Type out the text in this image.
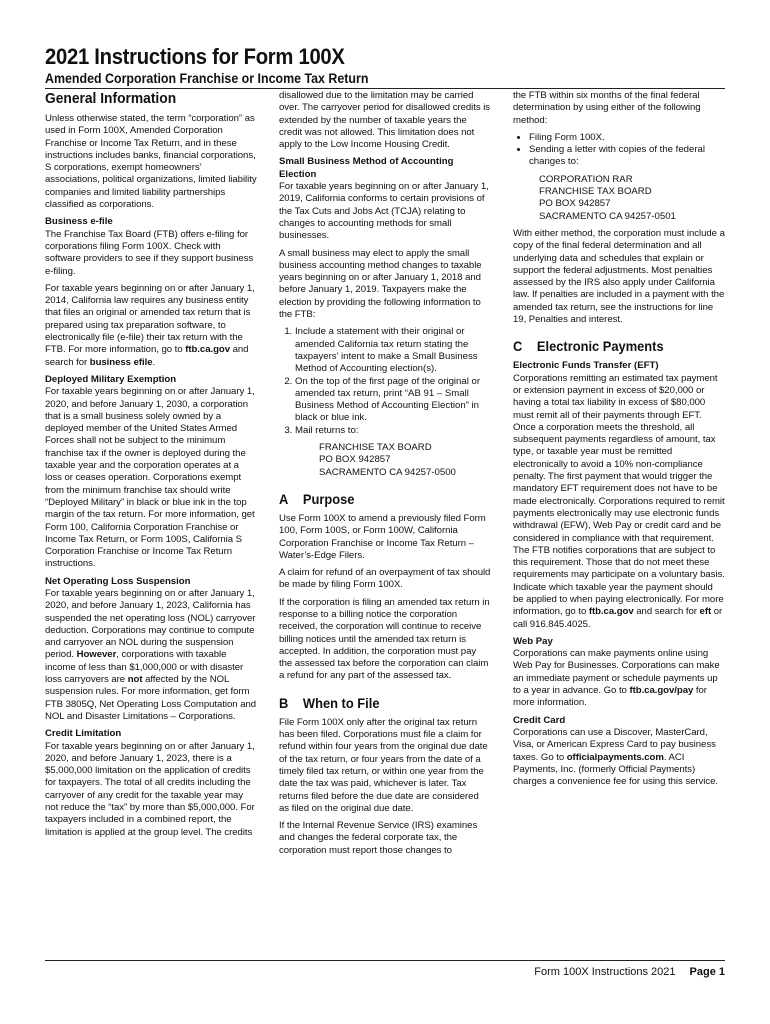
2021 Instructions for Form 100X
Amended Corporation Franchise or Income Tax Return
General Information

Unless otherwise stated, the term “corporation” as used in Form 100X, Amended Corporation Franchise or Income Tax Return, and in these instructions includes banks, financial corporations, S corporations, exempt homeowners’ associations, political organizations, limited liability companies and limited liability partnerships classified as corporations.

Business e-file

The Franchise Tax Board (FTB) offers e-filing for corporations filing Form 100X. Check with software providers to see if they support business e-filing.

For taxable years beginning on or after January 1, 2014, California law requires any business entity that files an original or amended tax return that is prepared using tax preparation software, to electronically file (e-file) their tax return with the FTB. For more information, go to ftb.ca.gov and search for business efile.

Deployed Military Exemption

For taxable years beginning on or after January 1, 2020, and before January 1, 2030, a corporation that is a small business solely owned by a deployed member of the United States Armed Forces shall not be subject to the minimum franchise tax if the owner is deployed during the taxable year and the corporation operates at a loss or ceases operation. Corporations exempt from the minimum franchise tax should write “Deployed Military” in black or blue ink in the top margin of the tax return. For more information, get Form 100, California Corporation Franchise or Income Tax Return, or Form 100S, California S Corporation Franchise or Income Tax Return instructions.

Net Operating Loss Suspension

For taxable years beginning on or after January 1, 2020, and before January 1, 2023, California has suspended the net operating loss (NOL) carryover deduction. Corporations may continue to compute and carryover an NOL during the suspension period. However, corporations with taxable income of less than $1,000,000 or with disaster loss carryovers are not affected by the NOL suspension rules. For more information, get form FTB 3805Q, Net Operating Loss Computation and NOL and Disaster Limitations – Corporations.

Credit Limitation

For taxable years beginning on or after January 1, 2020, and before January 1, 2023, there is a $5,000,000 limitation on the application of credits for taxpayers. The total of all credits including the carryover of any credit for the taxable year may not reduce the “tax” by more than $5,000,000. For taxpayers included in a combined report, the limitation is applied at the group level. The credits

disallowed due to the limitation may be carried over. The carryover period for disallowed credits is extended by the number of taxable years the credit was not allowed. This limitation does not apply to the Low Income Housing Credit.

Small Business Method of Accounting Election

For taxable years beginning on or after January 1, 2019, California conforms to certain provisions of the Tax Cuts and Jobs Act (TCJA) relating to changes to accounting methods for small businesses.

A small business may elect to apply the small business accounting method changes to taxable years beginning on or after January 1, 2018 and before January 1, 2019. Taxpayers make the election by providing the following information to the FTB:

1. Include a statement with their original or amended California tax return stating the taxpayers’ intent to make a Small Business Method of Accounting election(s).
2. On the top of the first page of the original or amended tax return, print “AB 91 – Small Business Method of Accounting Election” in black or blue ink.
3. Mail returns to:
FRANCHISE TAX BOARD
PO BOX 942857
SACRAMENTO CA 94257-0500
A Purpose

Use Form 100X to amend a previously filed Form 100, Form 100S, or Form 100W, California Corporation Franchise or Income Tax Return – Water’s-Edge Filers.

A claim for refund of an overpayment of tax should be made by filing Form 100X.

If the corporation is filing an amended tax return in response to a billing notice the corporation received, the corporation will continue to receive billing notices until the amended tax return is accepted. In addition, the corporation must pay the assessed tax before the corporation can claim a refund for any part of the assessed tax.

B When to File

File Form 100X only after the original tax return has been filed. Corporations must file a claim for refund within four years from the original due date of the tax return, or four years from the date of a timely filed tax return, or within one year from the date the tax was paid, whichever is later. Tax returns filed before the due date are considered as filed on the original due date.

If the Internal Revenue Service (IRS) examines and changes the federal corporate tax, the corporation must report those changes to

the FTB within six months of the final federal determination by using either of the following method:

• Filing Form 100X.
• Sending a letter with copies of the federal changes to:
CORPORATION RAR
FRANCHISE TAX BOARD
PO BOX 942857
SACRAMENTO CA 94257-0501

With either method, the corporation must include a copy of the final federal determination and all underlying data and schedules that explain or support the federal adjustments. Most penalties assessed by the IRS also apply under California law. If penalties are included in a payment with the amended tax return, see the instructions for line 19, Penalties and interest.

C Electronic Payments
Electronic Funds Transfer (EFT)

Corporations remitting an estimated tax payment or extension payment in excess of $20,000 or having a total tax liability in excess of $80,000 must remit all of their payments through EFT. Once a corporation meets the threshold, all subsequent payments regardless of amount, tax type, or taxable year must be remitted electronically to avoid a 10% non-compliance penalty. The first payment that would trigger the mandatory EFT requirement does not have to be made electronically. Corporations required to remit payments electronically may use electronic funds withdrawal (EFW), Web Pay or credit card and be considered in compliance with that requirement. The FTB notifies corporations that are subject to this requirement. Those that do not meet these requirements may participate on a voluntary basis. Indicate which taxable year the payment should be applied to when paying electronically. For more information, go to ftb.ca.gov and search for eft or call 916.845.4025.

Web Pay

Corporations can make payments online using Web Pay for Businesses. Corporations can make an immediate payment or schedule payments up to a year in advance. Go to ftb.ca.gov/pay for more information.

Credit Card

Corporations can use a Discover, MasterCard, Visa, or American Express Card to pay business taxes. Go to officialpayments.com. ACI Payments, Inc. (formerly Official Payments) charges a convenience fee for using this service.

Form 100X Instructions 2021 Page 1
